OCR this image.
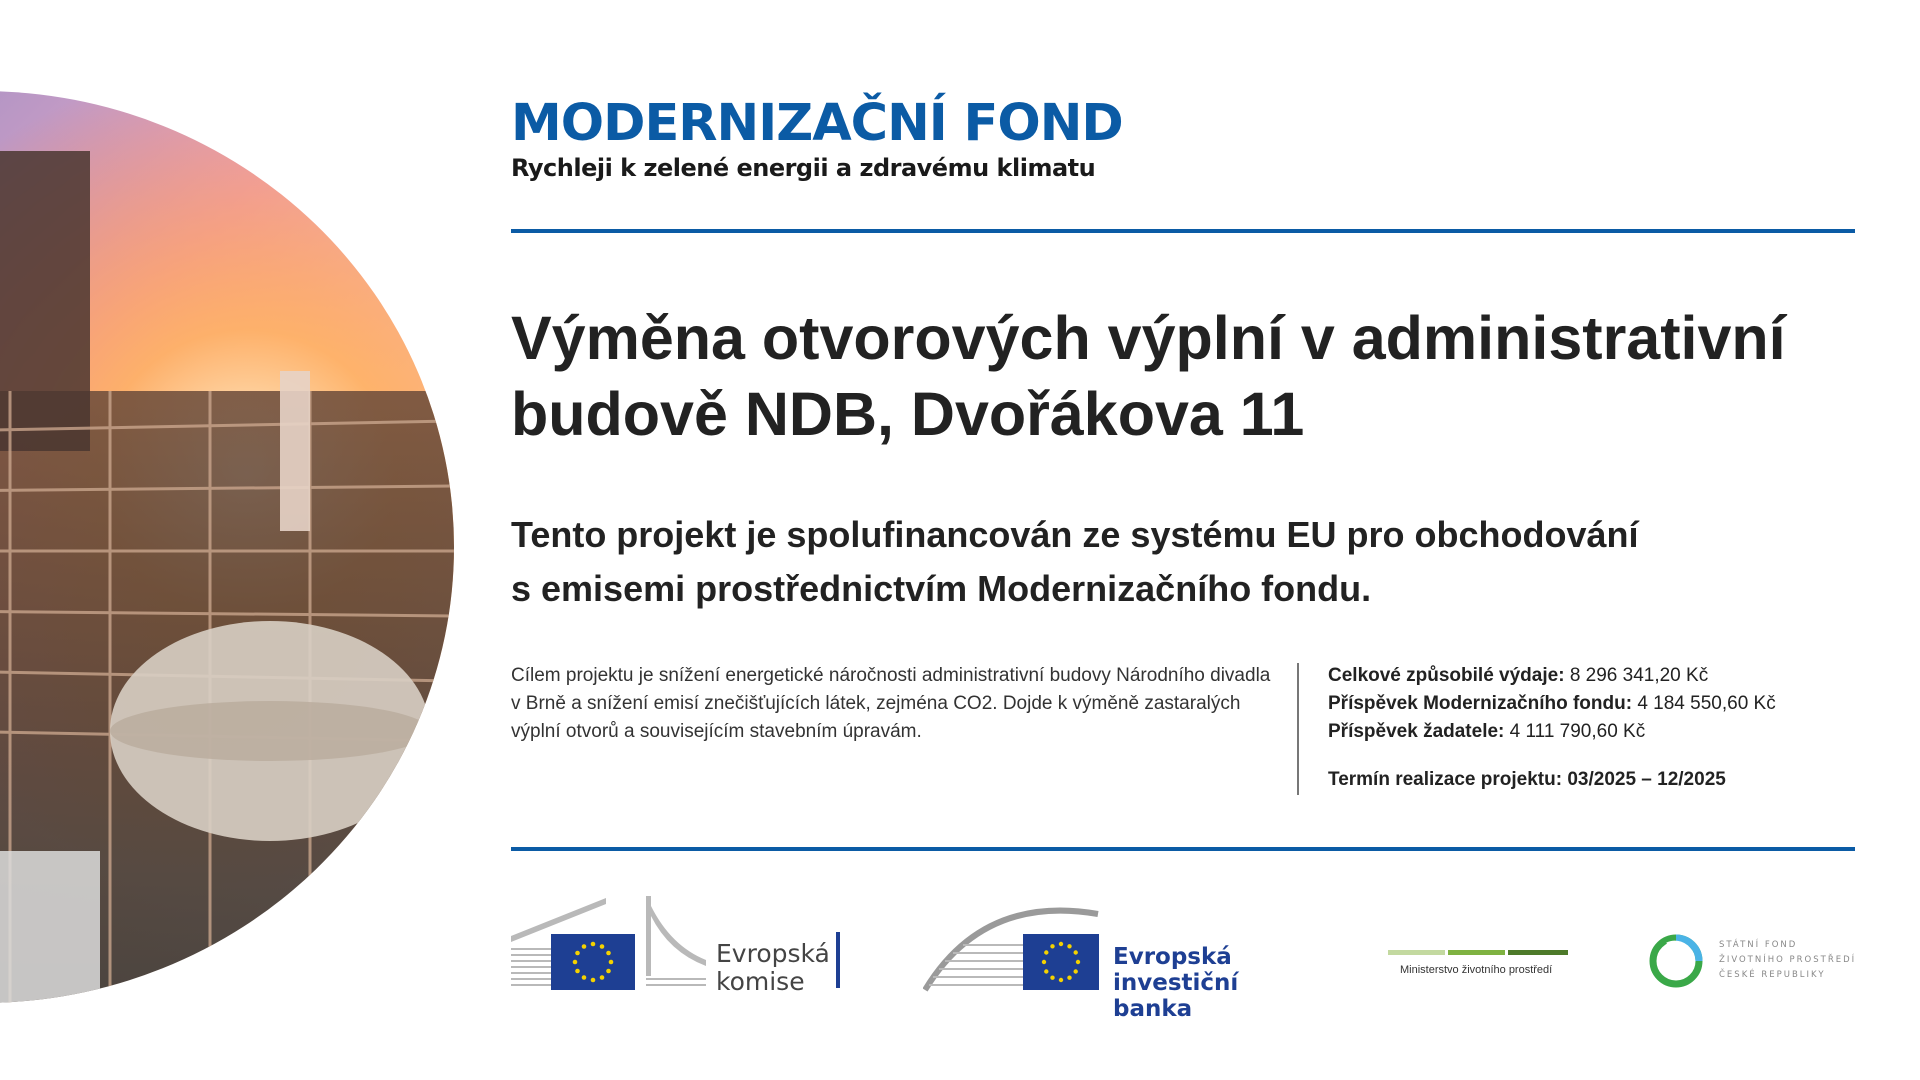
MODERNIZAČNÍ FOND
Rychleji k zelené energii a zdravému klimatu
Výměna otvorových výplní v administrativní
budově NDB, Dvořákova 11
Tento projekt je spolufinancován ze systému EU pro obchodování
s emisemi prostřednictvím Modernizačního fondu.
Cílem projektu je snížení energetické náročnosti administrativní budovy Národního divadla v Brně a snížení emisí znečišťujících látek, zejména CO2. Dojde k výměně zastaralých výplní otvorů a souvisejícím stavebním úpravám.
Celkové způsobilé výdaje: 8 296 341,20 Kč
Příspěvek Modernizačního fondu: 4 184 550,60 Kč
Příspěvek žadatele: 4 111 790,60 Kč
Termín realizace projektu: 03/2025 – 12/2025
Evropská
komise
Evropská
investiční banka
Ministerstvo životního prostředí
STÁTNÍ FOND
ŽIVOTNÍHO PROSTŘEDÍ
ČESKÉ REPUBLIKY
